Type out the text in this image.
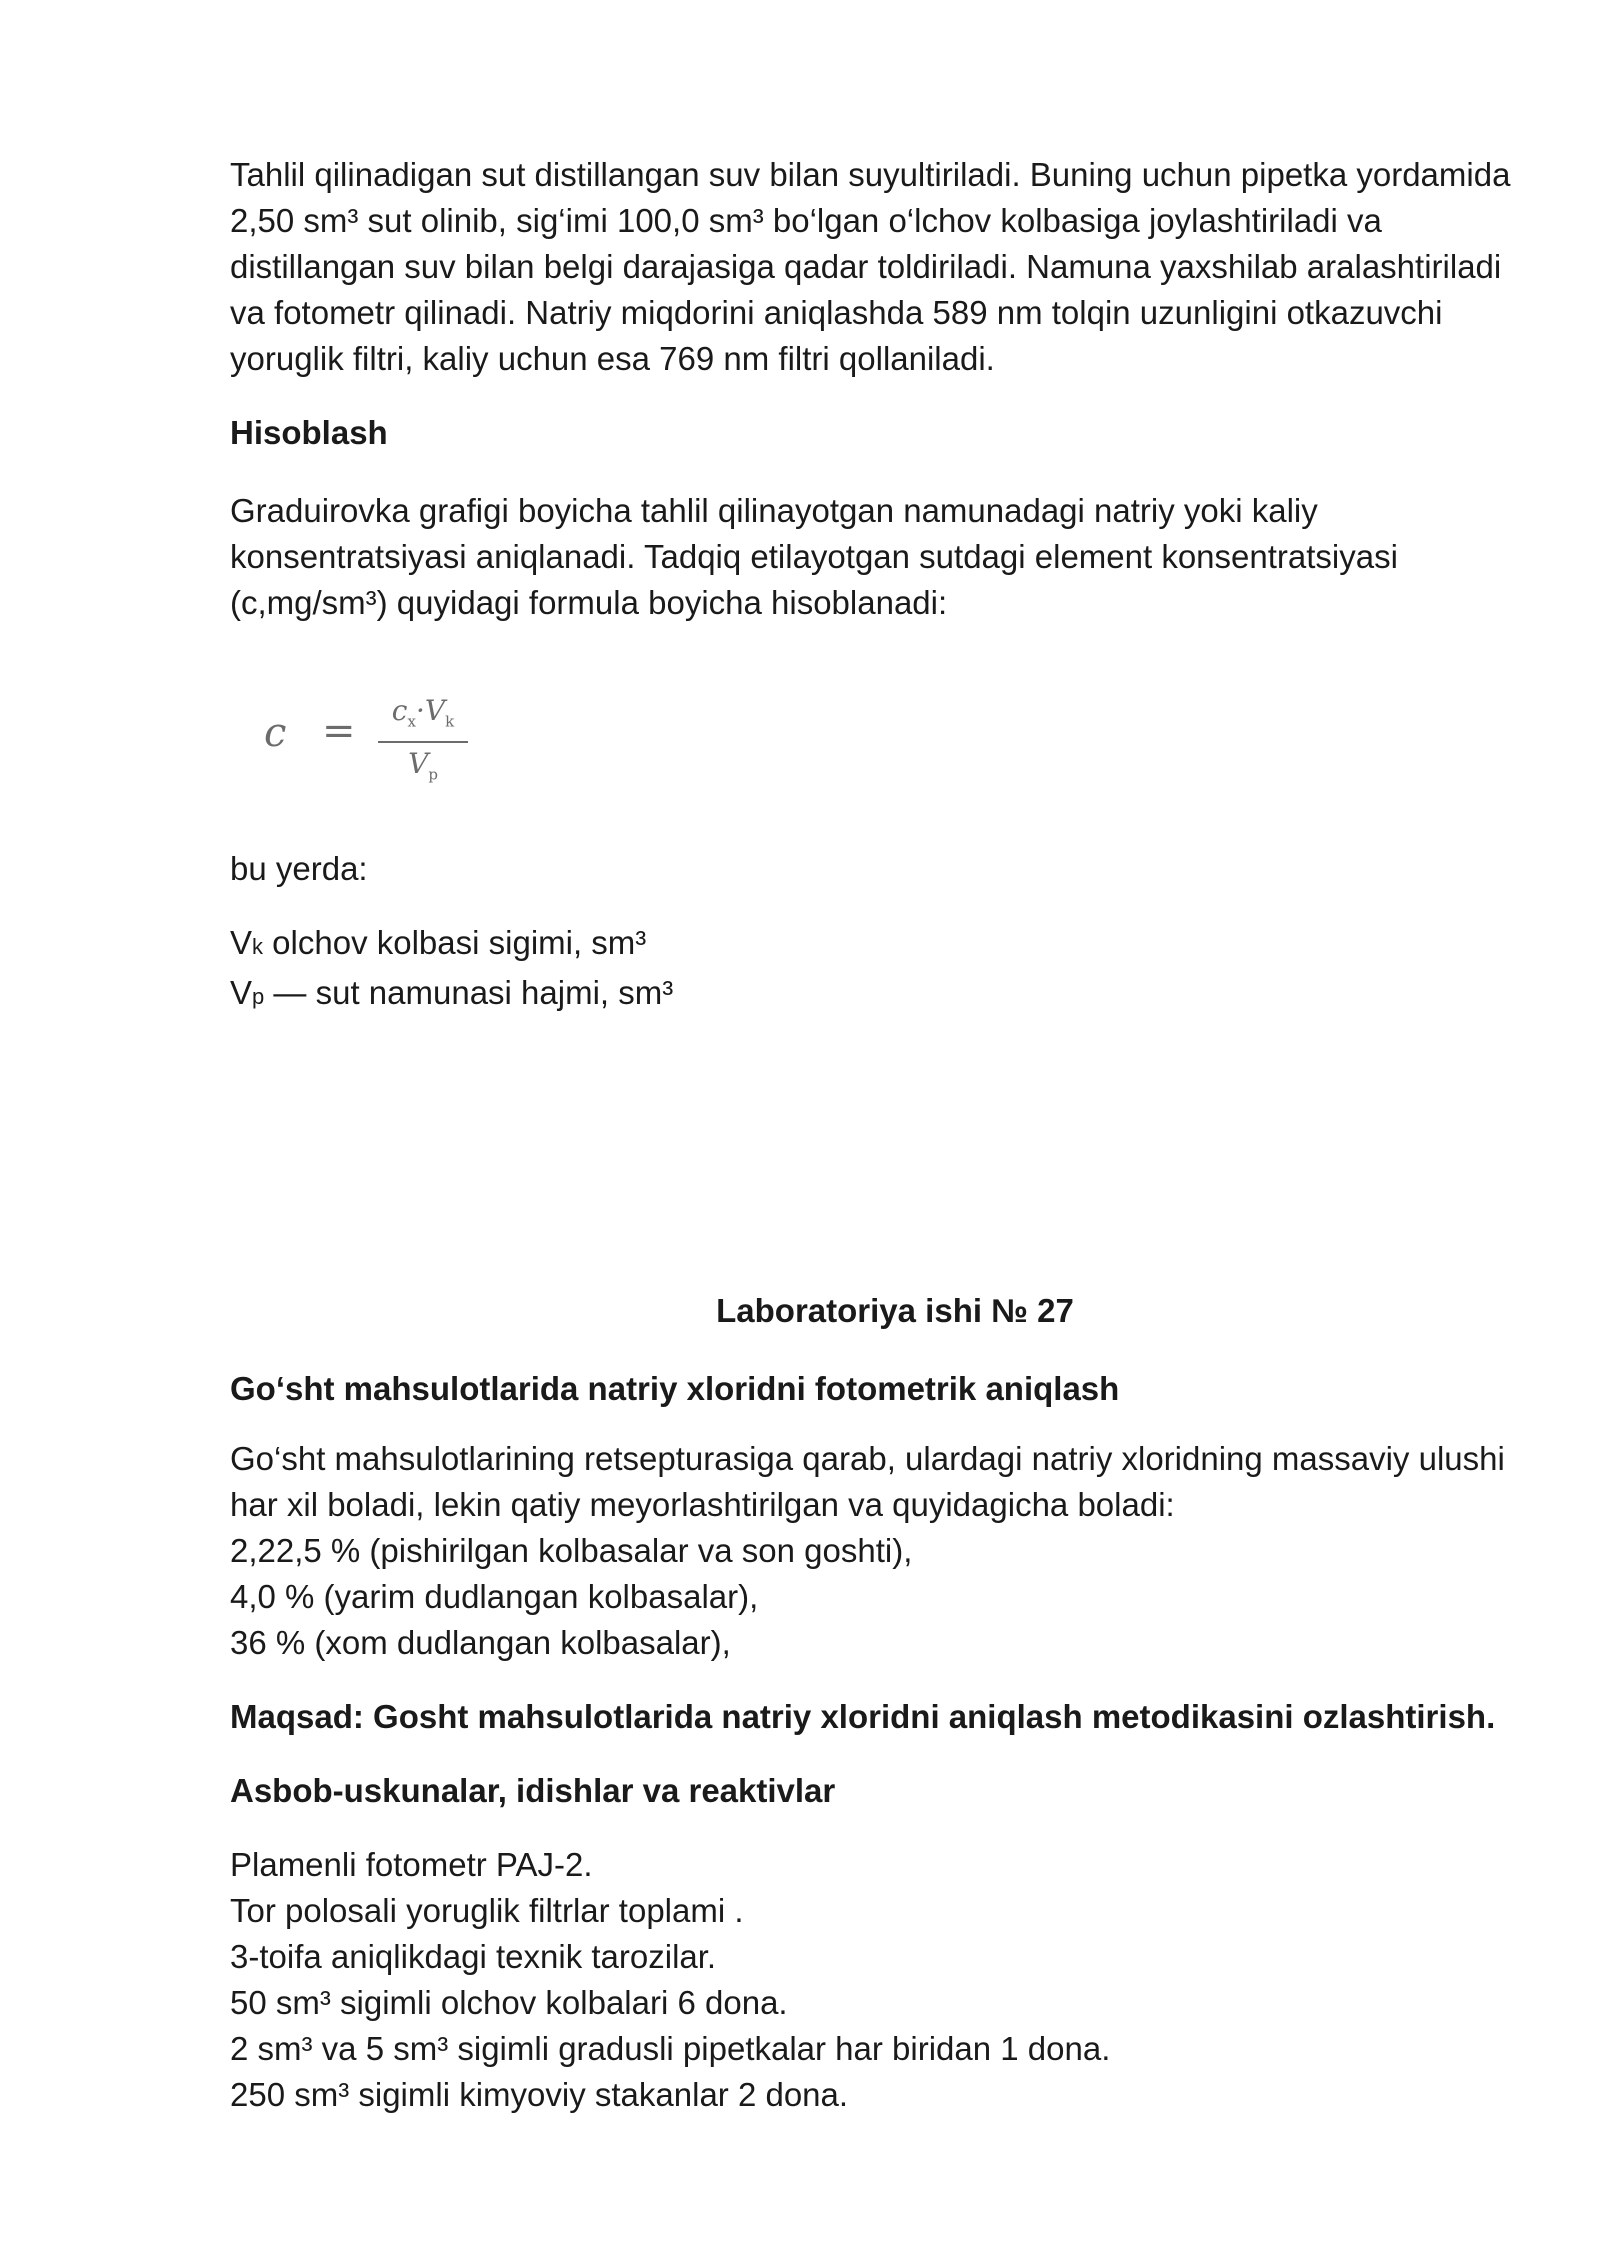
Tahlil qilinadigan sut distillangan suv bilan suyultiriladi. Buning uchun pipetka yordamida 2,50 sm³ sut olinib, sig‘imi 100,0 sm³ bo‘lgan o‘lchov kolbasiga joylashtiriladi va distillangan suv bilan belgi darajasiga qadar toldiriladi. Namuna yaxshilab aralashtiriladi va fotometr qilinadi. Natriy miqdorini aniqlashda 589 nm tolqin uzunligini otkazuvchi yoruglik filtri, kaliy uchun esa 769 nm filtri qollaniladi.

Hisoblash

Graduirovka grafigi boyicha tahlil qilinayotgan namunadagi natriy yoki kaliy konsentratsiyasi aniqlanadi. Tadqiq etilayotgan sutdagi element konsentratsiyasi (c,mg/sm³) quyidagi formula boyicha hisoblanadi:

c =	$c_x\cdot V_k$
$V_p$

bu yerda:

Vk olchov kolbasi sigimi, sm³
Vp — sut namunasi hajmi, sm³

Laboratoriya ishi № 27

Go‘sht mahsulotlarida natriy xloridni fotometrik aniqlash

Go‘sht mahsulotlarining retsepturasiga qarab, ulardagi natriy xloridning massaviy ulushi har xil boladi, lekin qatiy meyorlashtirilgan va quyidagicha boladi:
2,22,5 % (pishirilgan kolbasalar va son goshti),
4,0 % (yarim dudlangan kolbasalar),
36 % (xom dudlangan kolbasalar),

Maqsad: Gosht mahsulotlarida natriy xloridni aniqlash metodikasini ozlashtirish.

Asbob-uskunalar, idishlar va reaktivlar

Plamenli fotometr PAJ-2.
Tor polosali yoruglik filtrlar toplami .
3-toifa aniqlikdagi texnik tarozilar.
50 sm³ sigimli olchov kolbalari 6 dona.
2 sm³ va 5 sm³ sigimli gradusli pipetkalar har biridan 1 dona.
250 sm³ sigimli kimyoviy stakanlar 2 dona.
